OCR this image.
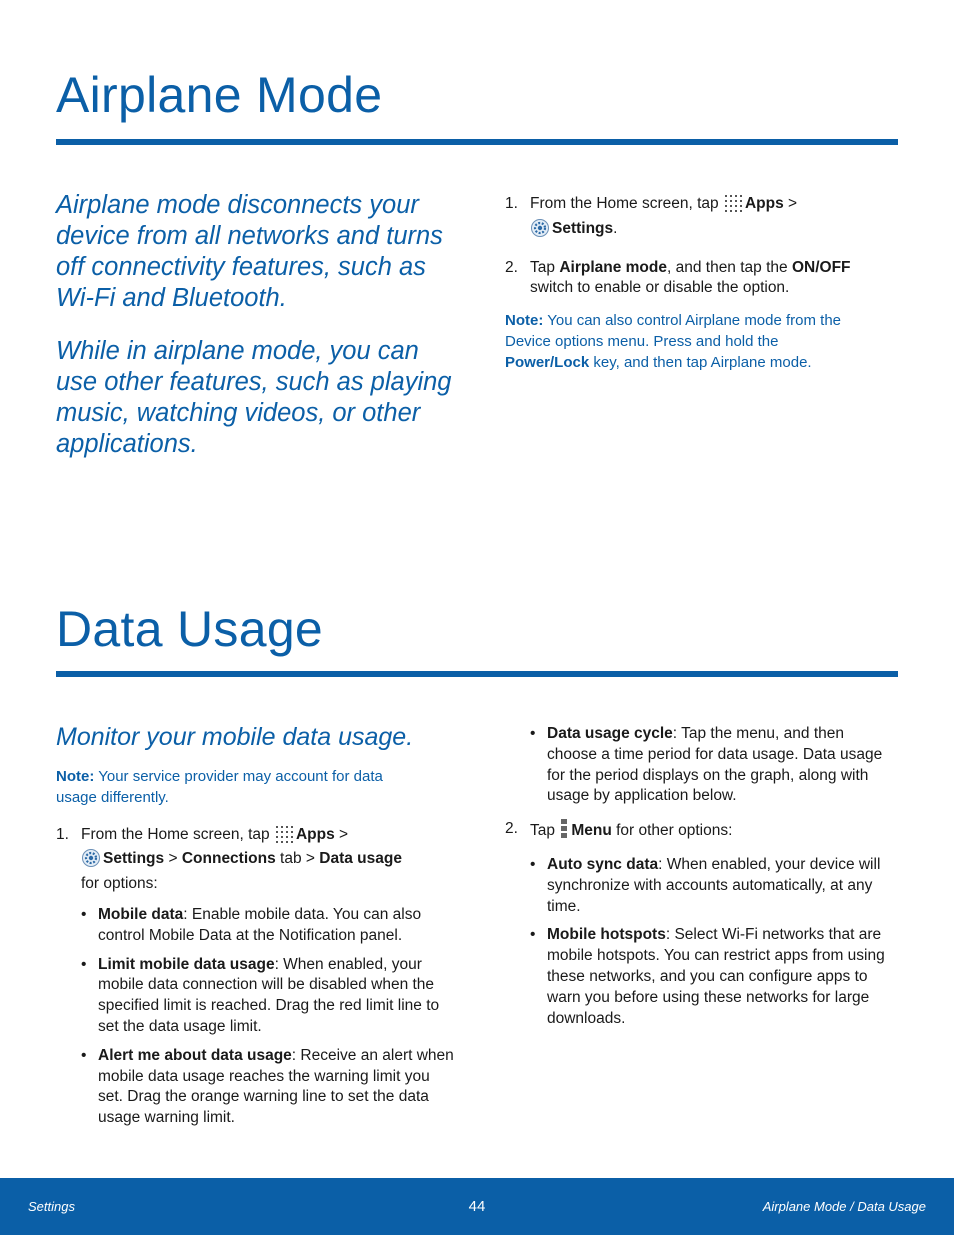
Airplane Mode

Airplane mode disconnects your device from all networks and turns off connectivity features, such as Wi-Fi and Bluetooth.

While in airplane mode, you can use other features, such as playing music, watching videos, or other applications.

1. From the Home screen, tap Apps >
Settings.
2. Tap Airplane mode, and then tap the ON/OFF switch to enable or disable the option.

Note: You can also control Airplane mode from the Device options menu. Press and hold the Power/Lock key, and then tap Airplane mode.

Data Usage

Monitor your mobile data usage.

Note: Your service provider may account for data usage differently.

1. From the Home screen, tap Apps >
Settings > Connections tab > Data usage
for options:
• Mobile data: Enable mobile data. You can also control Mobile Data at the Notification panel.
• Limit mobile data usage: When enabled, your mobile data connection will be disabled when the specified limit is reached. Drag the red limit line to set the data usage limit.
• Alert me about data usage: Receive an alert when mobile data usage reaches the warning limit you set. Drag the orange warning line to set the data usage warning limit.
• Data usage cycle: Tap the menu, and then choose a time period for data usage. Data usage for the period displays on the graph, along with usage by application below.
2. Tap Menu for other options:
• Auto sync data: When enabled, your device will synchronize with accounts automatically, at any time.
• Mobile hotspots: Select Wi-Fi networks that are mobile hotspots. You can restrict apps from using these networks, and you can configure apps to warn you before using these networks for large downloads.
Settings	44	Airplane Mode / Data Usage
